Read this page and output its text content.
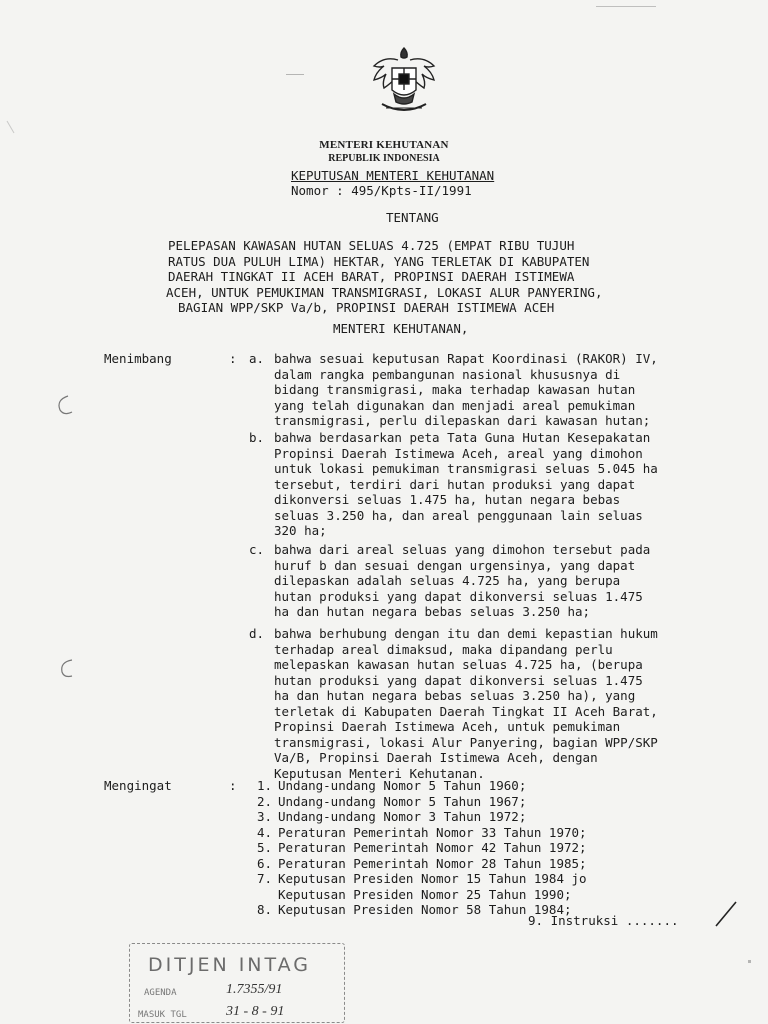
MENTERI KEHUTANAN
REPUBLIK INDONESIA
KEPUTUSAN MENTERI KEHUTANAN
Nomor : 495/Kpts-II/1991
TENTANG
PELEPASAN KAWASAN HUTAN SELUAS 4.725 (EMPAT RIBU TUJUH
RATUS DUA PULUH LIMA) HEKTAR, YANG TERLETAK DI KABUPATEN
DAERAH TINGKAT II ACEH BARAT, PROPINSI DAERAH ISTIMEWA
ACEH, UNTUK PEMUKIMAN TRANSMIGRASI, LOKASI ALUR PANYERING,
BAGIAN WPP/SKP Va/b, PROPINSI DAERAH ISTIMEWA ACEH
MENTERI KEHUTANAN,
Menimbang	: a. bahwa sesuai keputusan Rapat Koordinasi (RAKOR) IV,
dalam rangka pembangunan nasional khususnya di
bidang transmigrasi, maka terhadap kawasan hutan
yang telah digunakan dan menjadi areal pemukiman
transmigrasi, perlu dilepaskan dari kawasan hutan;
b. bahwa berdasarkan peta Tata Guna Hutan Kesepakatan
Propinsi Daerah Istimewa Aceh, areal yang dimohon
untuk lokasi pemukiman transmigrasi seluas 5.045 ha
tersebut, terdiri dari hutan produksi yang dapat
dikonversi seluas 1.475 ha, hutan negara bebas
seluas 3.250 ha, dan areal penggunaan lain seluas
320 ha;
c. bahwa dari areal seluas yang dimohon tersebut pada
huruf b dan sesuai dengan urgensinya, yang dapat
dilepaskan adalah seluas 4.725 ha, yang berupa
hutan produksi yang dapat dikonversi seluas 1.475
ha dan hutan negara bebas seluas 3.250 ha;
d. bahwa berhubung dengan itu dan demi kepastian hukum
terhadap areal dimaksud, maka dipandang perlu
melepaskan kawasan hutan seluas 4.725 ha, (berupa
hutan produksi yang dapat dikonversi seluas 1.475
ha dan hutan negara bebas seluas 3.250 ha), yang
terletak di Kabupaten Daerah Tingkat II Aceh Barat,
Propinsi Daerah Istimewa Aceh, untuk pemukiman
transmigrasi, lokasi Alur Panyering, bagian WPP/SKP
Va/B, Propinsi Daerah Istimewa Aceh, dengan
Keputusan Menteri Kehutanan.
Mengingat	:	1. Undang-undang Nomor 5 Tahun 1960;
2. Undang-undang Nomor 5 Tahun 1967;
3. Undang-undang Nomor 3 Tahun 1972;
4. Peraturan Pemerintah Nomor 33 Tahun 1970;
5. Peraturan Pemerintah Nomor 42 Tahun 1972;
6. Peraturan Pemerintah Nomor 28 Tahun 1985;
7. Keputusan Presiden Nomor 15 Tahun 1984 jo
Keputusan Presiden Nomor 25 Tahun 1990;
8. Keputusan Presiden Nomor 58 Tahun 1984;
9. Instruksi .......
DITJEN INTAG
AGENDA	1.7355/91
MASUK TGL	31 - 8 - 91
